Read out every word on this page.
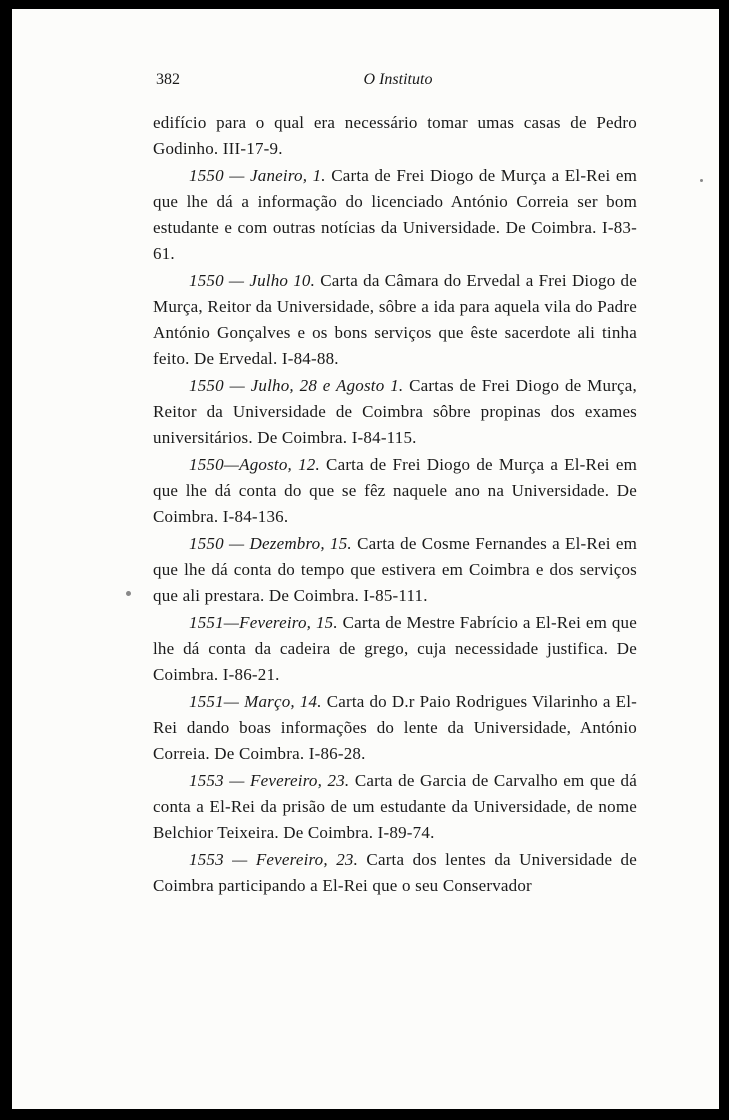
382	O Instituto

edifício para o qual era necessário tomar umas casas de Pedro Godinho. III-17-9.

1550 — Janeiro, 1. Carta de Frei Diogo de Murça a El-Rei em que lhe dá a informação do licenciado António Correia ser bom estudante e com outras notícias da Universidade. De Coimbra. I-83-61.

1550 — Julho 10. Carta da Câmara do Ervedal a Frei Diogo de Murça, Reitor da Universidade, sôbre a ida para aquela vila do Padre António Gonçalves e os bons serviços que êste sacerdote ali tinha feito. De Ervedal. I-84-88.

1550 — Julho, 28 e Agosto 1. Cartas de Frei Diogo de Murça, Reitor da Universidade de Coimbra sôbre propinas dos exames universitários. De Coimbra. I-84-115.

1550—Agosto, 12. Carta de Frei Diogo de Murça a El-Rei em que lhe dá conta do que se fêz naquele ano na Universidade. De Coimbra. I-84-136.

1550 — Dezembro, 15. Carta de Cosme Fernandes a El-Rei em que lhe dá conta do tempo que estivera em Coimbra e dos serviços que ali prestara. De Coimbra. I-85-111.

1551—Fevereiro, 15. Carta de Mestre Fabrício a El-Rei em que lhe dá conta da cadeira de grego, cuja necessidade justifica. De Coimbra. I-86-21.

1551— Março, 14. Carta do D.r Paio Rodrigues Vilarinho a El-Rei dando boas informações do lente da Universidade, António Correia. De Coimbra. I-86-28.

1553 — Fevereiro, 23. Carta de Garcia de Carvalho em que dá conta a El-Rei da prisão de um estudante da Universidade, de nome Belchior Teixeira. De Coimbra. I-89-74.

1553 — Fevereiro, 23. Carta dos lentes da Universidade de Coimbra participando a El-Rei que o seu Conservador
